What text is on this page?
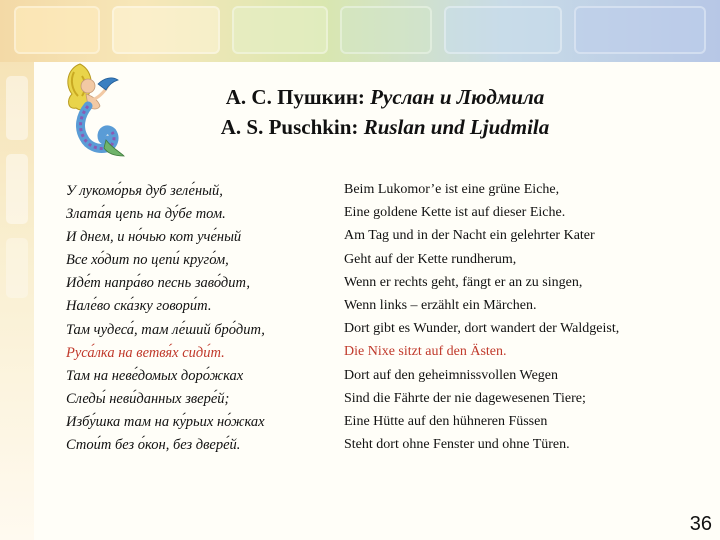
А. С. Пушкин: Руслан и Людмила
A. S. Puschkin: Ruslan und Ljudmila
У лукомо́рья дуб зеле́ный,
Злата́я цепь на ду́бе том.
И днем, и но́чью кот уче́ный
Все хо́дит по цепи́ круго́м,
Иде́т напра́во песнь заво́дит,
Нале́во ска́зку говори́т.
Там чудеса́, там ле́ший бро́дит,
Руса́лка на ветвя́х сиди́т.
Там на неве́домых доро́жках
Следы́ неви́данных звере́й;
Избу́шка там на ку́рьих но́жках
Стои́т без о́кон, без двере́й.
Beim Lukomor’e ist eine grüne Eiche,
Eine goldene Kette ist auf dieser Eiche.
Am Tag und in der Nacht ein gelehrter Kater
Geht auf der Kette rundherum,
Wenn er rechts geht, fängt er an zu singen,
Wenn links – erzählt ein Märchen.
Dort gibt es Wunder, dort wandert der Waldgeist,
Die Nixe sitzt auf den Ästen.
Dort auf den geheimnissvollen Wegen
Sind die Fährte der nie dagewesenen Tiere;
Eine Hütte auf den hühneren Füssen
Steht dort ohne Fenster und ohne Türen.
36
